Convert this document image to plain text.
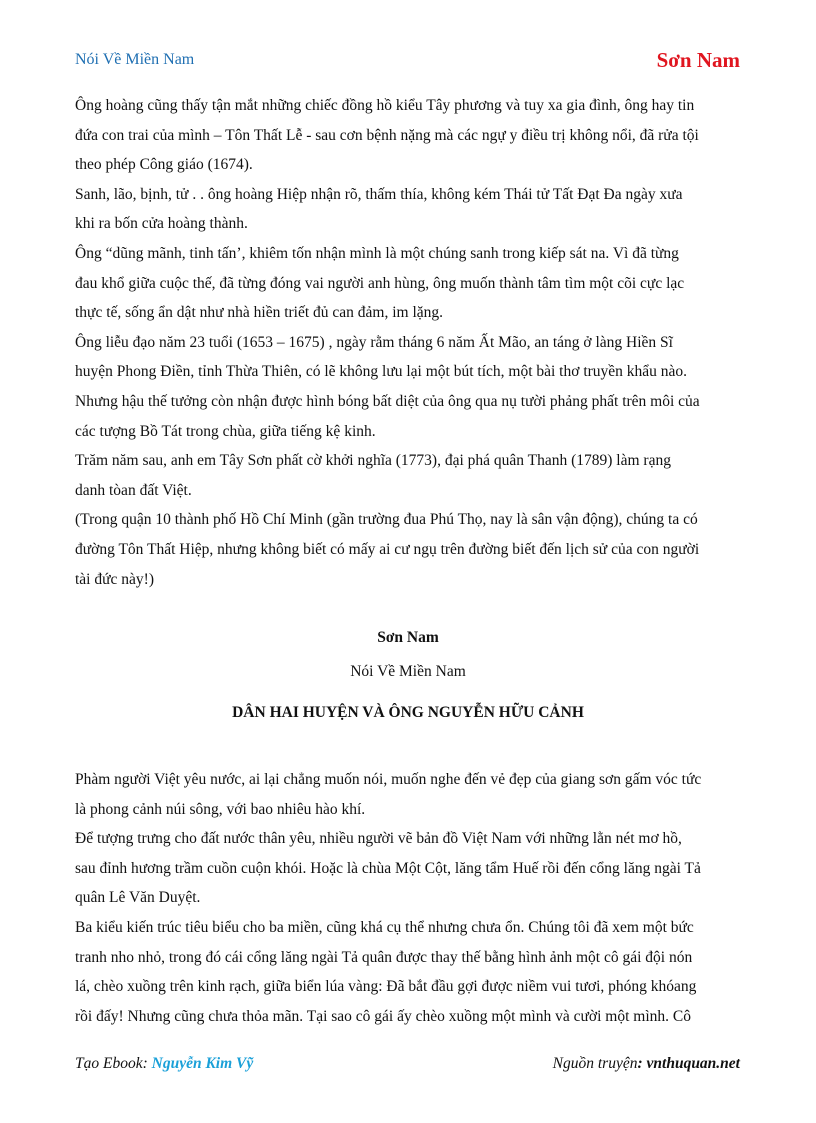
Nói Về Miền Nam	Sơn Nam

Ông hoàng cũng thấy tận mắt những chiếc đồng hồ kiểu Tây phương và tuy xa gia đình, ông hay tin
đứa con trai của mình – Tôn Thất Lễ - sau cơn bệnh nặng mà các ngự y điều trị không nổi, đã rửa tội
theo phép Công giáo (1674).

Sanh, lão, bịnh, tử . . ông hoàng Hiệp nhận rõ, thấm thía, không kém Thái tử Tất Đạt Đa ngày xưa
khi ra bốn cửa hoàng thành.

Ông “dũng mãnh, tinh tấn’, khiêm tốn nhận mình là một chúng sanh trong kiếp sát na. Vì đã từng
đau khổ giữa cuộc thế, đã từng đóng vai người anh hùng, ông muốn thành tâm tìm một cõi cực lạc
thực tế, sống ẩn dật như nhà hiền triết đủ can đảm, im lặng.

Ông liễu đạo năm 23 tuổi (1653 – 1675) , ngày rằm tháng 6 năm Ất Mão, an táng ở làng Hiền Sĩ
huyện Phong Điền, tỉnh Thừa Thiên, có lẽ không lưu lại một bút tích, một bài thơ truyền khẩu nào.
Nhưng hậu thế tưởng còn nhận được hình bóng bất diệt của ông qua nụ tười phảng phất trên môi của
các tượng Bồ Tát trong chùa, giữa tiếng kệ kinh.

Trăm năm sau, anh em Tây Sơn phất cờ khởi nghĩa (1773), đại phá quân Thanh (1789) làm rạng
danh tòan đất Việt.

(Trong quận 10 thành phố Hồ Chí Minh (gần trường đua Phú Thọ, nay là sân vận động), chúng ta có
đường Tôn Thất Hiệp, nhưng không biết có mấy ai cư ngụ trên đường biết đến lịch sử của con người
tài đức này!)

Sơn Nam
Nói Về Miền Nam
DÂN HAI HUYỆN VÀ ÔNG NGUYỄN HỮU CẢNH

Phàm người Việt yêu nước, ai lại chẳng muốn nói, muốn nghe đến vẻ đẹp của giang sơn gấm vóc tức
là phong cảnh núi sông, với bao nhiêu hào khí.

Để tượng trưng cho đất nước thân yêu, nhiều người vẽ bản đồ Việt Nam với những lằn nét mơ hồ,
sau đỉnh hương trầm cuồn cuộn khói. Hoặc là chùa Một Cột, lăng tẩm Huế rồi đến cổng lăng ngài Tả
quân Lê Văn Duyệt.

Ba kiểu kiến trúc tiêu biểu cho ba miền, cũng khá cụ thể nhưng chưa ổn. Chúng tôi đã xem một bức
tranh nho nhỏ, trong đó cái cổng lăng ngài Tả quân được thay thế bằng hình ảnh một cô gái đội nón
lá, chèo xuồng trên kinh rạch, giữa biển lúa vàng: Đã bắt đầu gợi được niềm vui tươi, phóng khóang
rồi đấy! Nhưng cũng chưa thỏa mãn. Tại sao cô gái ấy chèo xuồng một mình và cười một mình. Cô

Tạo Ebook: Nguyễn Kim Vỹ	Nguồn truyện: vnthuquan.net
